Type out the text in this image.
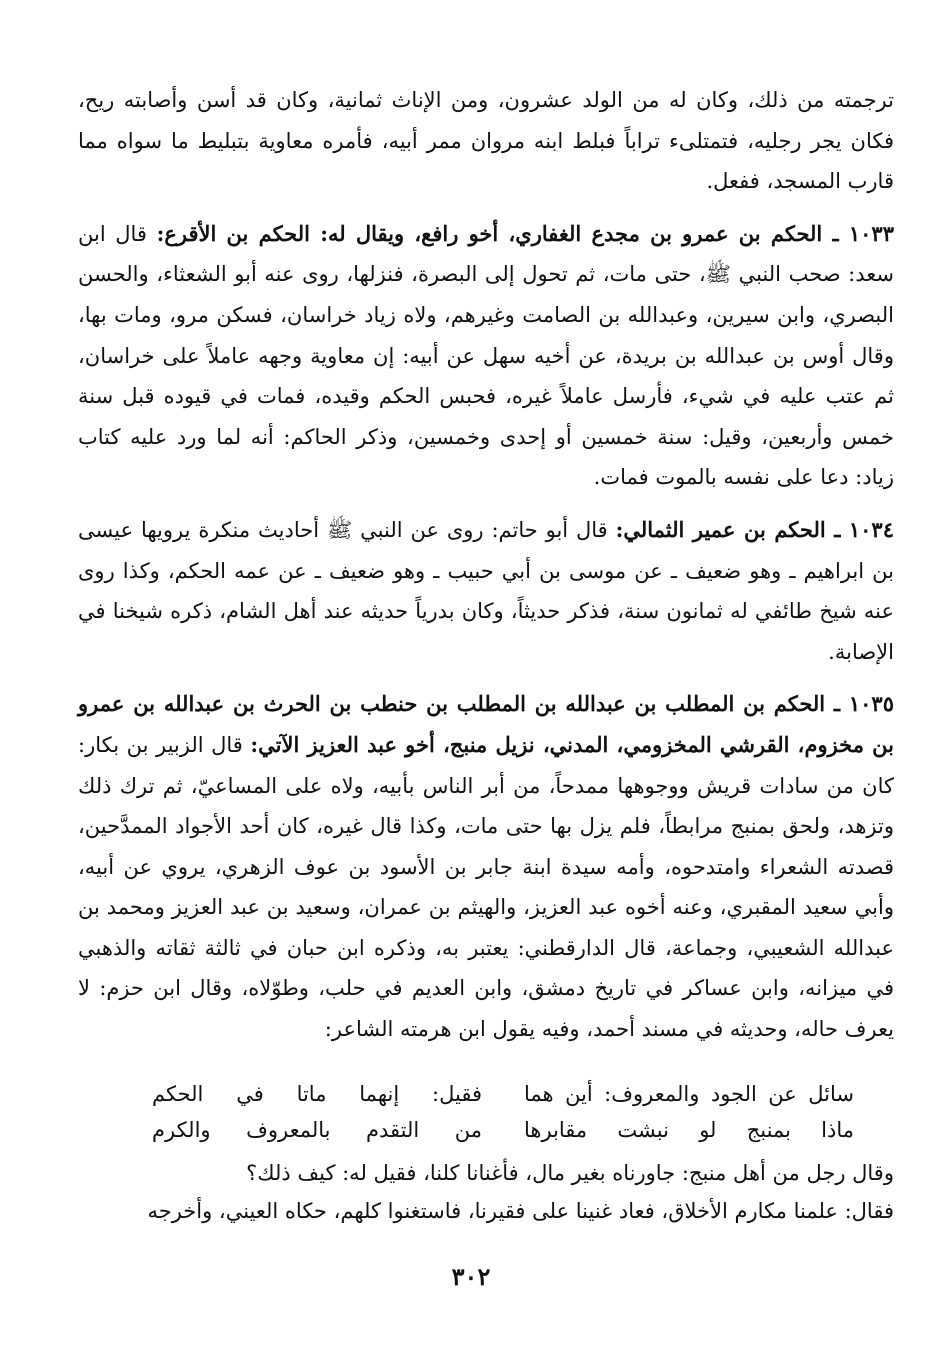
ترجمته من ذلك، وكان له من الولد عشرون، ومن الإناث ثمانية، وكان قد أسن وأصابته ريح، فكان يجر رجليه، فتمتلىء تراباً فبلط ابنه مروان ممر أبيه، فأمره معاوية بتبليط ما سواه مما قارب المسجد، ففعل.

١٠٣٣ ـ الحكم بن عمرو بن مجدع الغفاري، أخو رافع، ويقال له: الحكم بن الأقرع: قال ابن سعد: صحب النبي ﷺ، حتى مات، ثم تحول إلى البصرة، فنزلها، روى عنه أبو الشعثاء، والحسن البصري، وابن سيرين، وعبدالله بن الصامت وغيرهم، ولاه زياد خراسان، فسكن مرو، ومات بها، وقال أوس بن عبدالله بن بريدة، عن أخيه سهل عن أبيه: إن معاوية وجهه عاملاً على خراسان، ثم عتب عليه في شيء، فأرسل عاملاً غيره، فحبس الحكم وقيده، فمات في قيوده قبل سنة خمس وأربعين، وقيل: سنة خمسين أو إحدى وخمسين، وذكر الحاكم: أنه لما ورد عليه كتاب زياد: دعا على نفسه بالموت فمات.

١٠٣٤ ـ الحكم بن عمير الثمالي: قال أبو حاتم: روى عن النبي ﷺ أحاديث منكرة يرويها عيسى بن ابراهيم ـ وهو ضعيف ـ عن موسى بن أبي حبيب ـ وهو ضعيف ـ عن عمه الحكم، وكذا روى عنه شيخ طائفي له ثمانون سنة، فذكر حديثاً، وكان بدرياً حديثه عند أهل الشام، ذكره شيخنا في الإصابة.

١٠٣٥ ـ الحكم بن المطلب بن عبدالله بن المطلب بن حنطب بن الحرث بن عبدالله بن عمرو بن مخزوم، القرشي المخزومي، المدني، نزيل منبج، أخو عبد العزيز الآتي: قال الزبير بن بكار: كان من سادات قريش ووجوهها ممدحاً، من أبر الناس بأبيه، ولاه على المساعيّ، ثم ترك ذلك وتزهد، ولحق بمنبج مرابطاً، فلم يزل بها حتى مات، وكذا قال غيره، كان أحد الأجواد الممدَّحين، قصدته الشعراء وامتدحوه، وأمه سيدة ابنة جابر بن الأسود بن عوف الزهري، يروي عن أبيه، وأبي سعيد المقبري، وعنه أخوه عبد العزيز، والهيثم بن عمران، وسعيد بن عبد العزيز ومحمد بن عبدالله الشعيبي، وجماعة، قال الدارقطني: يعتبر به، وذكره ابن حبان في ثالثة ثقاته والذهبي في ميزانه، وابن عساكر في تاريخ دمشق، وابن العديم في حلب، وطوّلاه، وقال ابن حزم: لا يعرف حاله، وحديثه في مسند أحمد، وفيه يقول ابن هرمته الشاعر:

سائل عن الجود والمعروف: أين هما
فقيل: إنهما ماتا في الحكم
ماذا بمنبج لو نبشت مقابرها
من التقدم بالمعروف والكرم
وقال رجل من أهل منبج: جاورناه بغير مال، فأغنانا كلنا، فقيل له: كيف ذلك؟
فقال: علمنا مكارم الأخلاق، فعاد غنينا على فقيرنا، فاستغنوا كلهم، حكاه العيني، وأخرجه
٣٠٢
